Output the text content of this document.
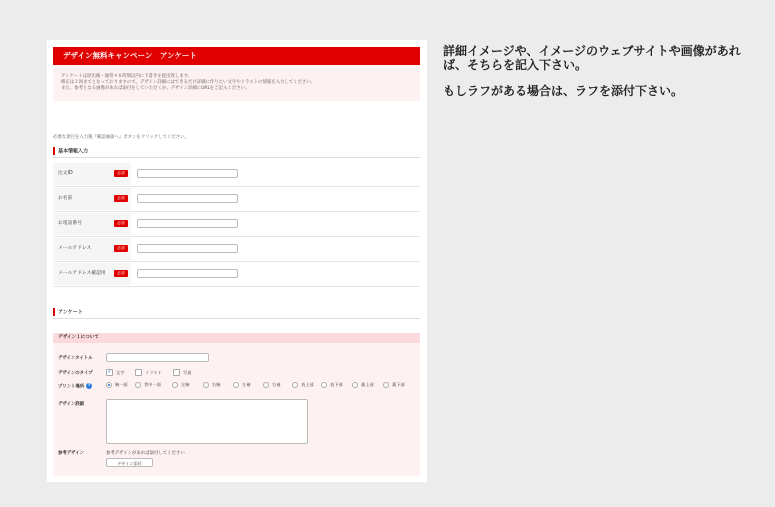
デザイン無料キャンペーン　アンケート
アンケートは原出後・通常４８時間以内に下書きを提出致します。
修正は２回までとなっておりますので、デザイン詳細にはできるだけ詳細に作りたい文字やイラストの情報を入力してください。
また、参考となる画像があれば添付をしていただくか、デザイン詳細にURLをご記入ください。
必要な項目を入力後『確認画面へ』ボタンをクリックしてください。
基本情報入力
注文ID	必須
お名前	必須
お電話番号	必須
メールアドレス	必須
メールアドレス確認用	必須
アンケート
デザイン１について
デザインタイトル
デザインのタイプ	✓	文字	イラスト	写真
プリント場所 ?	胸一面	背中一面	左胸	右胸	左袖	右袖	表上部	表下部	裏上部	裏下部
デザイン詳細
参考デザイン	参考デザインがあれば添付してください
デザイン添付

詳細イメージや、イメージのウェブサイトや画像があれば、そちらを記入下さい。

もしラフがある場合は、ラフを添付下さい。
